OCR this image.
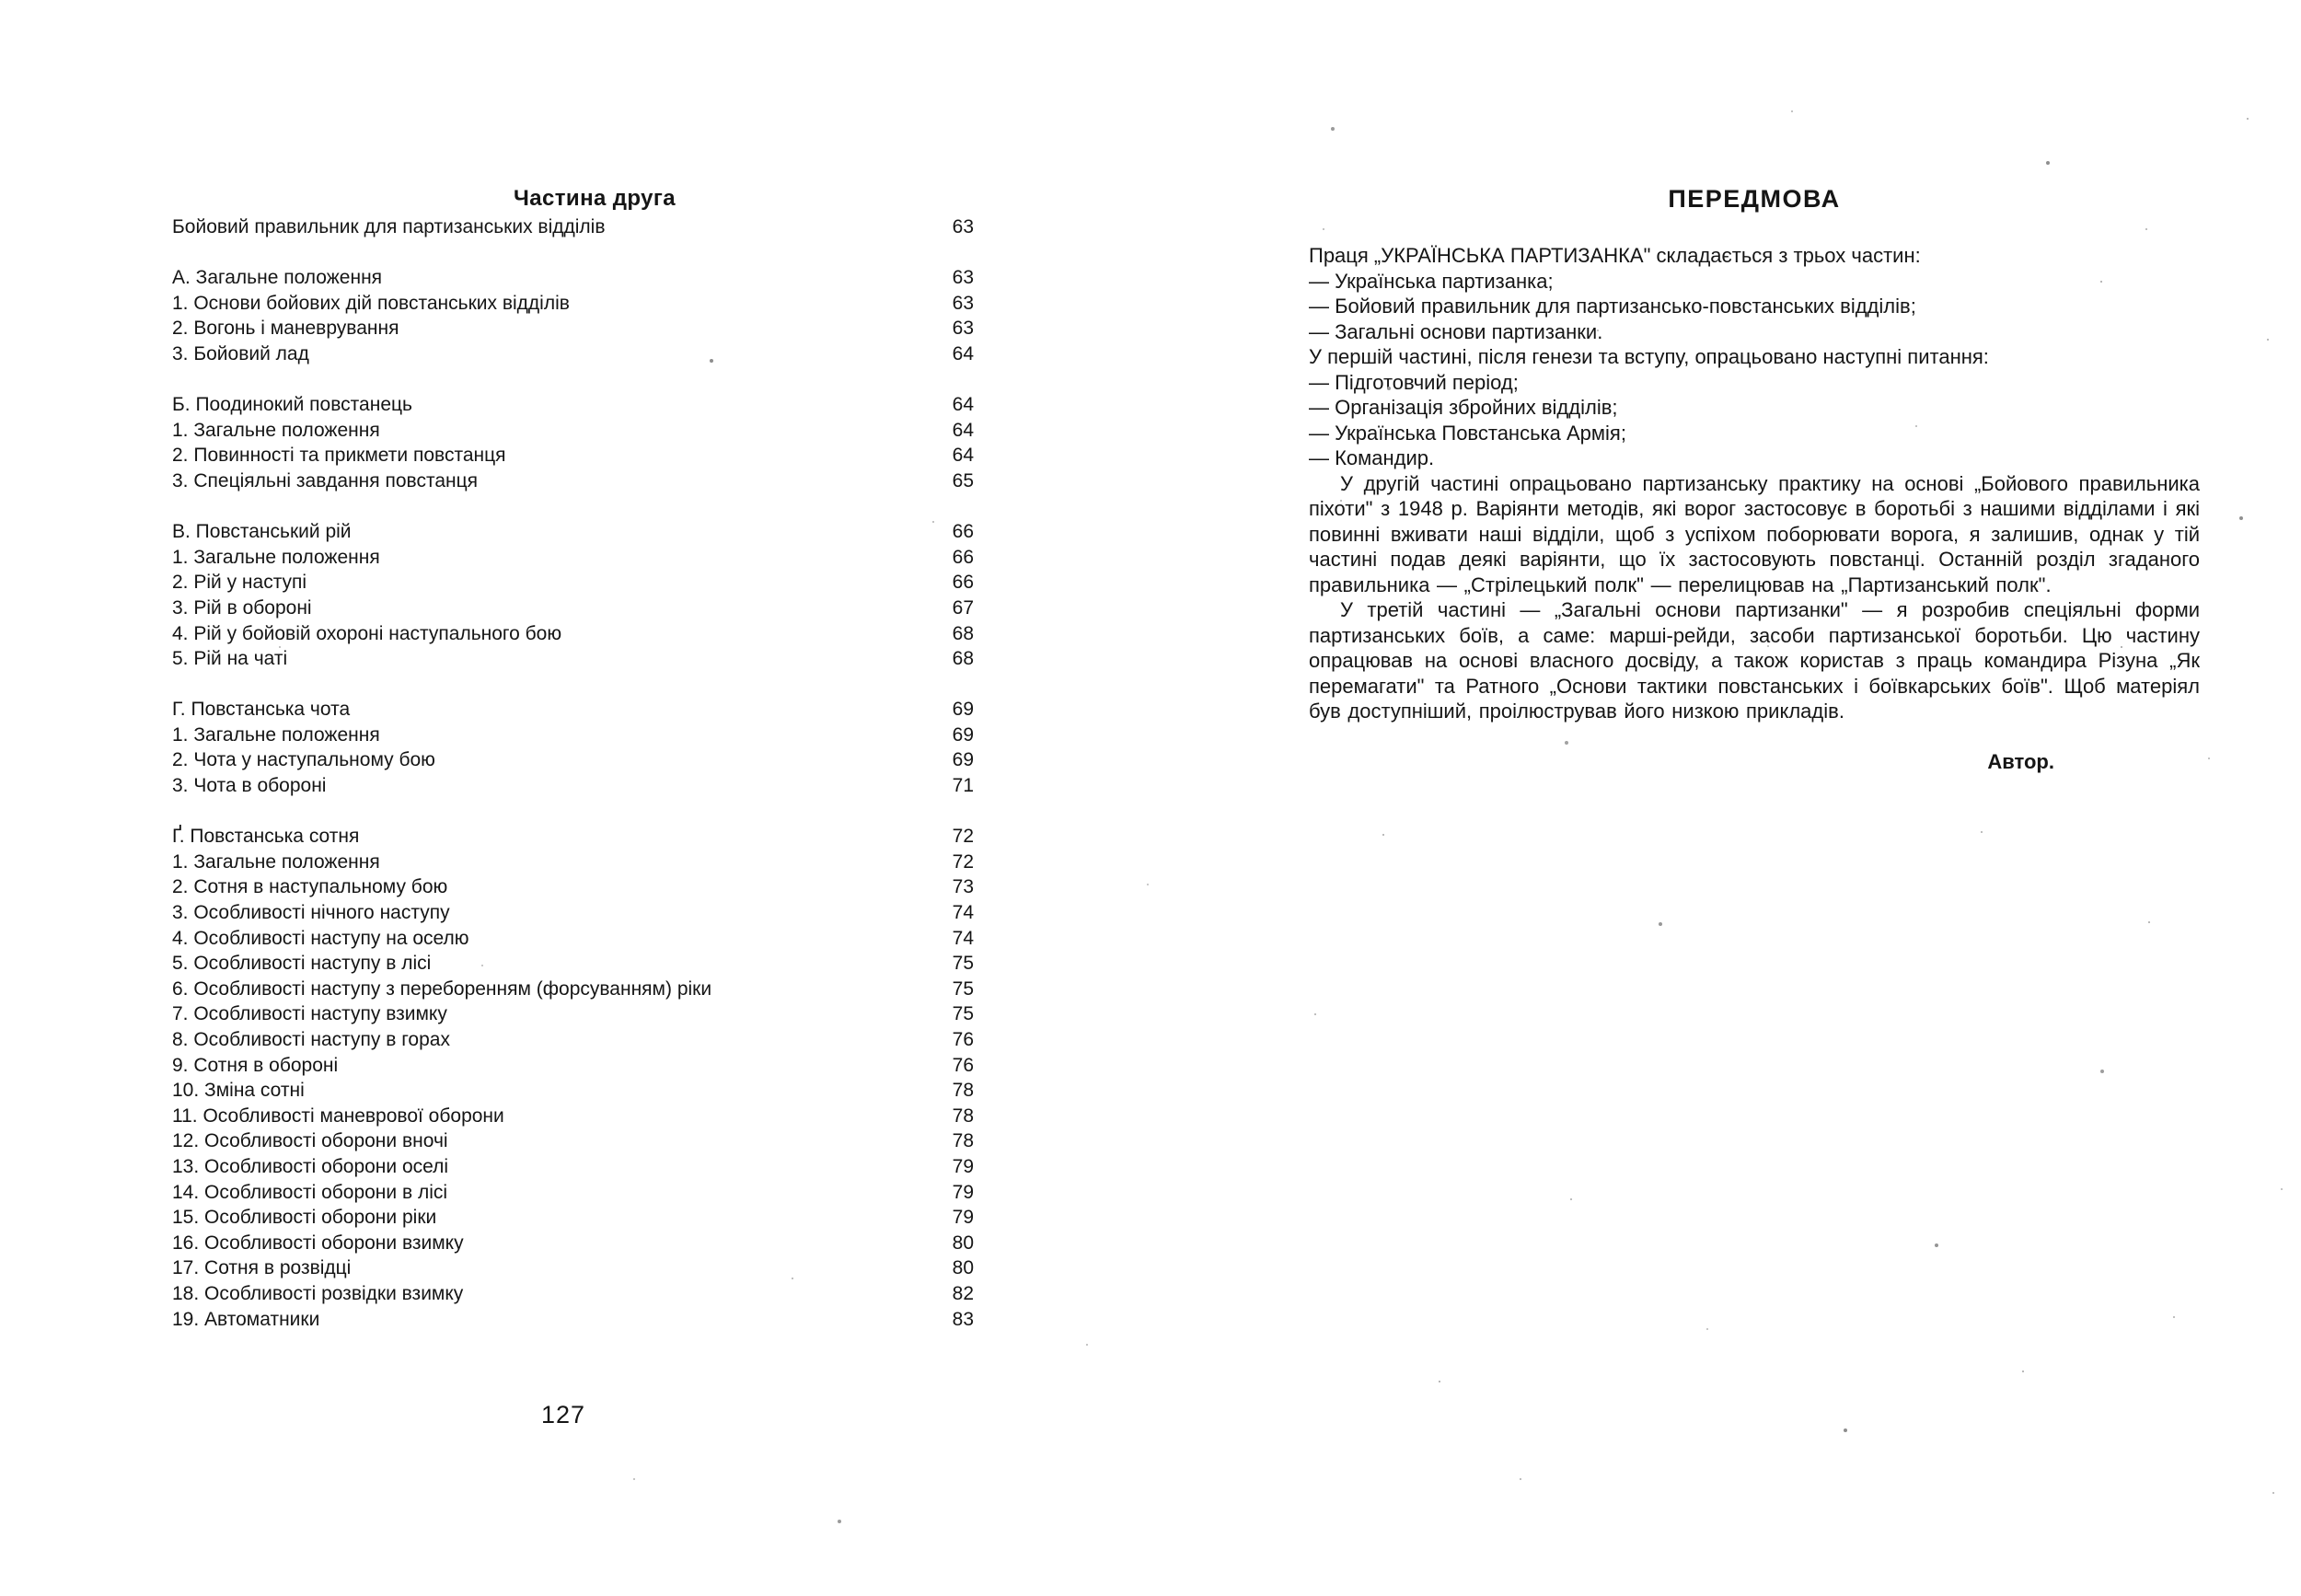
Частина друга
Бойовий правильник для партизанських відділів	63
А. Загальне положення	63
1. Основи бойових дій повстанських відділів	63
2. Вогонь і маневрування	63
3. Бойовий лад	64
Б. Поодинокий повстанець	64
1. Загальне положення	64
2. Повинності та прикмети повстанця	64
3. Спеціяльні завдання повстанця	65
В. Повстанський рій	66
1. Загальне положення	66
2. Рій у наступі	66
3. Рій в обороні	67
4. Рій у бойовій охороні наступального бою	68
5. Рій на чаті	68
Г. Повстанська чота	69
1. Загальне положення	69
2. Чота у наступальному бою	69
3. Чота в обороні	71
Ґ. Повстанська сотня	72
1. Загальне положення	72
2. Сотня в наступальному бою	73
3. Особливості нічного наступу	74
4. Особливості наступу на оселю	74
5. Особливості наступу в лісі	75
6. Особливості наступу з переборенням (форсуванням) ріки	75
7. Особливості наступу взимку	75
8. Особливості наступу в горах	76
9. Сотня в обороні	76
10. Зміна сотні	78
11. Особливості маневрової оборони	78
12. Особливості оборони вночі	78
13. Особливості оборони оселі	79
14. Особливості оборони в лісі	79
15. Особливості оборони ріки	79
16. Особливості оборони взимку	80
17. Сотня в розвідці	80
18. Особливості розвідки взимку	82
19. Автоматники	83
127
ПЕРЕДМОВА
Праця „УКРАЇНСЬКА ПАРТИЗАНКА" складається з трьох частин:
— Українська партизанка;
— Бойовий правильник для партизансько-повстанських відділів;
— Загальні основи партизанки.
У першій частині, після генези та вступу, опрацьовано наступні питання:
— Підготовчий період;
— Організація збройних відділів;
— Українська Повстанська Армія;
— Командир.

У другій частині опрацьовано партизанську практику на основі „Бойового правильника піхоти" з 1948 р. Варіянти методів, які ворог застосовує в боротьбі з нашими відділами і які повинні вживати наші відділи, щоб з успіхом поборювати ворога, я залишив, однак у тій частині подав деякі варіянти, що їх застосовують повстанці. Останній розділ згаданого правильника — „Стрілецький полк" — перелицював на „Партизанський полк".

У третій частині — „Загальні основи партизанки" — я розробив спеціяльні форми партизанських боїв, а саме: марші-рейди, засоби партизанської боротьби. Цю частину опрацював на основі власного досвіду, а також користав з праць командира Різуна „Як перемагати" та Ратного „Основи тактики повстанських і боївкарських боїв". Щоб матеріял був доступніший, проілюстрував його низкою прикладів.

Автор.
